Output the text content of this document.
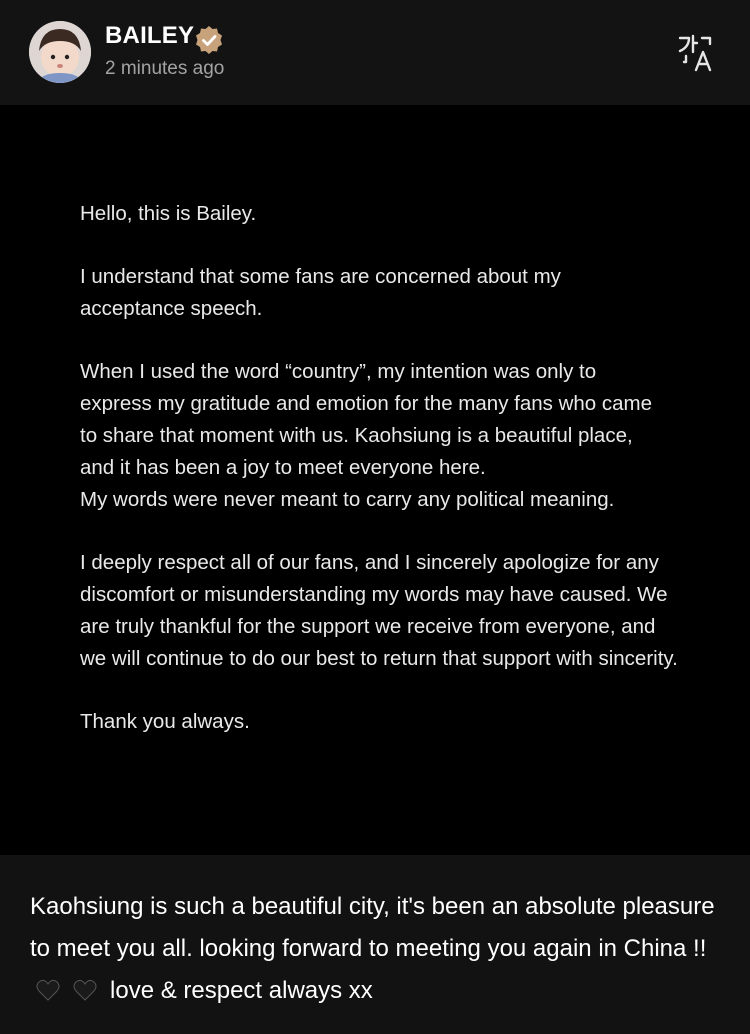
BAILEY
2 minutes ago

Hello, this is Bailey.

I understand that some fans are concerned about my acceptance speech.

When I used the word “country”, my intention was only to express my gratitude and emotion for the many fans who came to share that moment with us. Kaohsiung is a beautiful place, and it has been a joy to meet everyone here.
My words were never meant to carry any political meaning.

I deeply respect all of our fans, and I sincerely apologize for any discomfort or misunderstanding my words may have caused. We are truly thankful for the support we receive from everyone, and we will continue to do our best to return that support with sincerity.

Thank you always.

Kaohsiung is such a beautiful city, it's been an absolute pleasure to meet you all. looking forward to meeting you again in China !!    love & respect always xx
